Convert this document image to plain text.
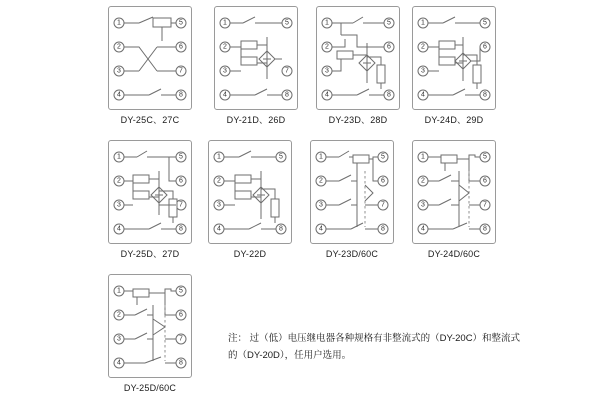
1
2
3
4
5
6
7
8
DY-25C、27C
1
2
3
4
5
7
8
DY-21D、26D
1
2
3
4
5
6
8
DY-23D、28D
1
2
3
4
5
6
8
DY-24D、29D
1
2
3
4
5
6
7
8
DY-25D、27D
1
2
3
4
5
8
DY-22D
1
2
3
4
5
6
7
8
DY-23D/60C
1
2
3
4
5
6
7
8
DY-24D/60C
1
2
3
4
5
6
7
8
DY-25D/60C
注： 过（低）电压继电器各种规格有非整流式的（DY-20C）和整流式
的（DY-20D），任用户选用。
